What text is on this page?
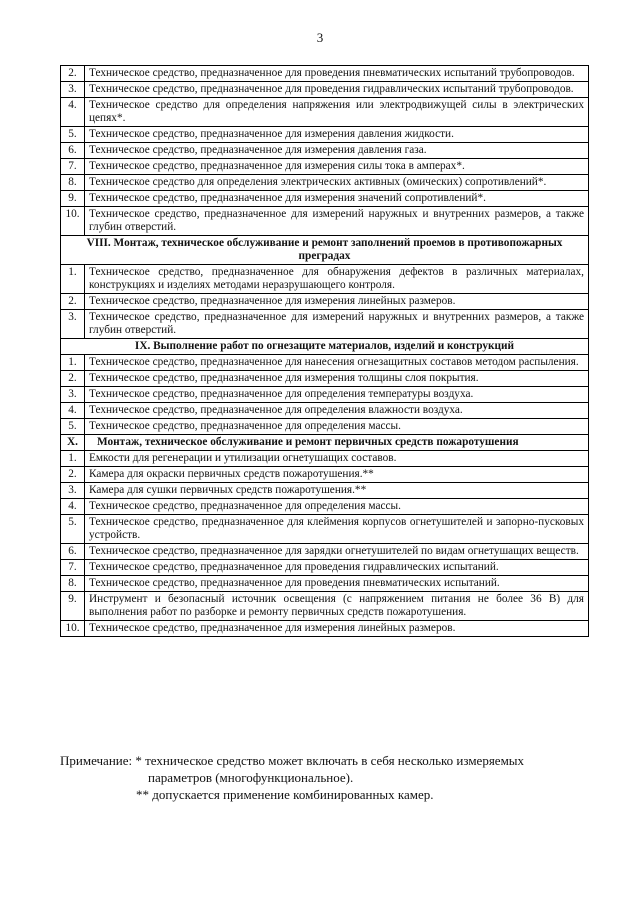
3
2.	Техническое средство, предназначенное для проведения пневматических испытаний трубопроводов.
3.	Техническое средство, предназначенное для проведения гидравлических испытаний трубопроводов.
4.	Техническое средство для определения напряжения или электродвижущей силы в электрических цепях*.
5.	Техническое средство, предназначенное для измерения давления жидкости.
6.	Техническое средство, предназначенное для измерения давления газа.
7.	Техническое средство, предназначенное для измерения силы тока в амперах*.
8.	Техническое средство для определения электрических активных (омических) сопротивлений*.
9.	Техническое средство, предназначенное для измерения значений сопротивлений*.
10.	Техническое средство, предназначенное для измерений наружных и внутренних размеров, а также глубин отверстий.
VIII. Монтаж, техническое обслуживание и ремонт заполнений проемов в противопожарных преградах	
1.	Техническое средство, предназначенное для обнаружения дефектов в различных материалах, конструкциях и изделиях методами неразрушающего контроля.
2.	Техническое средство, предназначенное для измерения линейных размеров.
3.	Техническое средство, предназначенное для измерений наружных и внутренних размеров, а также глубин отверстий.
IX. Выполнение работ по огнезащите материалов, изделий и конструкций	
1.	Техническое средство, предназначенное для нанесения огнезащитных составов методом распыления.
2.	Техническое средство, предназначенное для измерения толщины слоя покрытия.
3.	Техническое средство, предназначенное для определения температуры воздуха.
4.	Техническое средство, предназначенное для определения влажности воздуха.
5.	Техническое средство, предназначенное для определения массы.
X.	Монтаж, техническое обслуживание и ремонт первичных средств пожаротушения
1.	Емкости для регенерации и утилизации огнетушащих составов.
2.	Камера для окраски первичных средств пожаротушения.**
3.	Камера для сушки первичных средств пожаротушения.**
4.	Техническое средство, предназначенное для определения массы.
5.	Техническое средство, предназначенное для клеймения корпусов огнетушителей и запорно-пусковых устройств.
6.	Техническое средство, предназначенное для зарядки огнетушителей по видам огнетушащих веществ.
7.	Техническое средство, предназначенное для проведения гидравлических испытаний.
8.	Техническое средство, предназначенное для проведения пневматических испытаний.
9.	Инструмент и безопасный источник освещения (с напряжением питания не более 36 В) для выполнения работ по разборке и ремонту первичных средств пожаротушения.
10.	Техническое средство, предназначенное для измерения линейных размеров.
Примечание: * техническое средство может включать в себя несколько измеряемых
параметров (многофункциональное).
** допускается применение комбинированных камер.
